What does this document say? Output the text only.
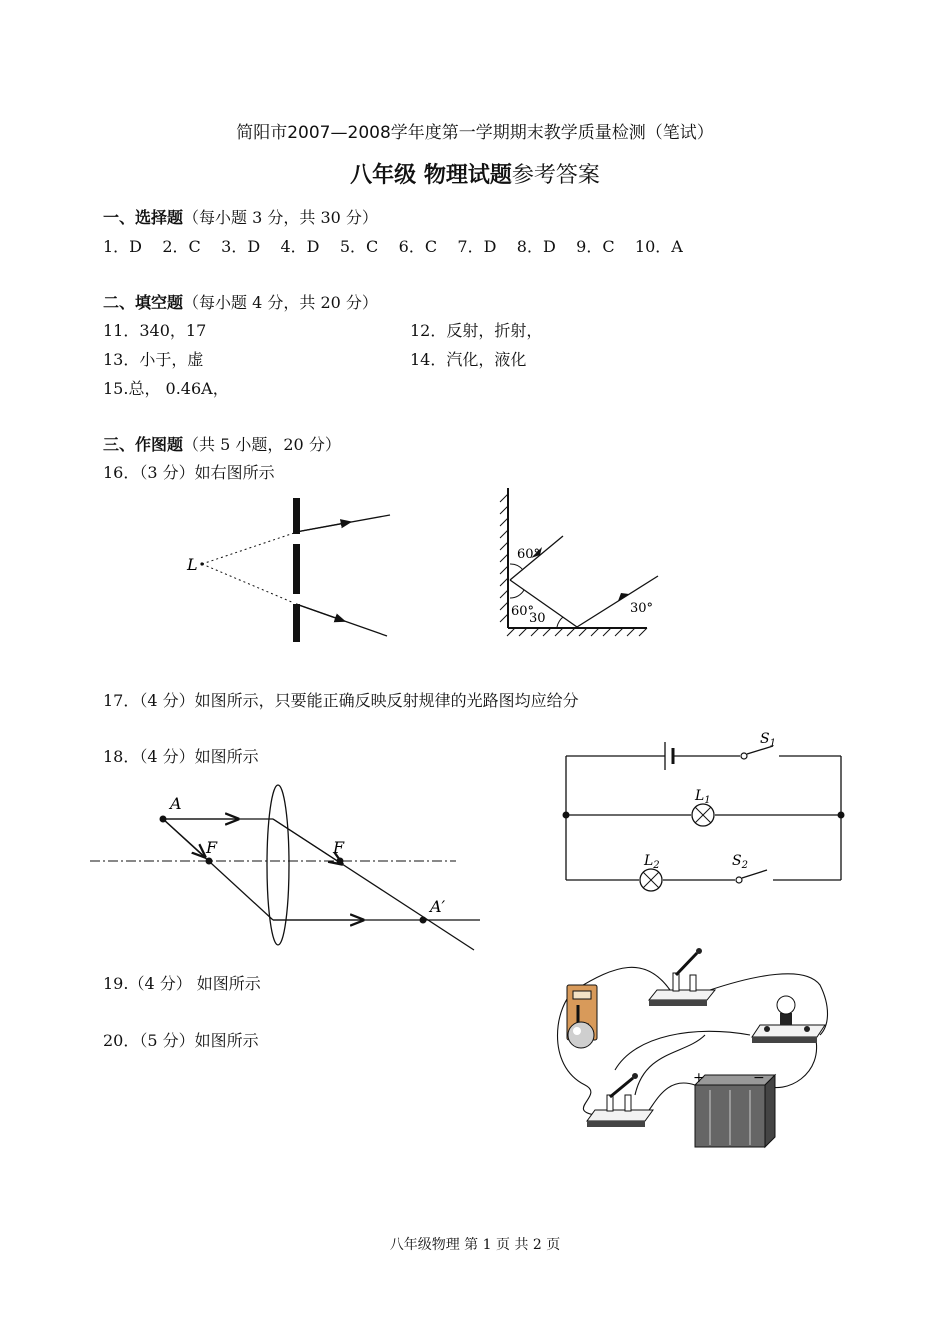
简阳市2007—2008学年度第一学期期末教学质量检测（笔试）
八年级 物理试题参考答案
一、选择题（每小题 3 分，共 30 分）
1．D 2．C 3．D 4．D 5．C 6．C 7．D 8．D 9．C 10．A
二、填空题（每小题 4 分，共 20 分）
11．340，17	12．反射，折射，
13．小于，虚	14．汽化，液化
15.总， 0.46A，
三、作图题（共 5 小题，20 分）
16．（3 分）如右图所示
17．（4 分）如图所示，只要能正确反映反射规律的光路图均应给分
18．（4 分）如图所示
19.（4 分） 如图所示
20．（5 分）如图所示
L
60°
60°
30
30°
A
F	F
A′
$S_1$
$L_1$
$L_2$	$S_2$
+	−
八年级物理 第 1 页 共 2 页
